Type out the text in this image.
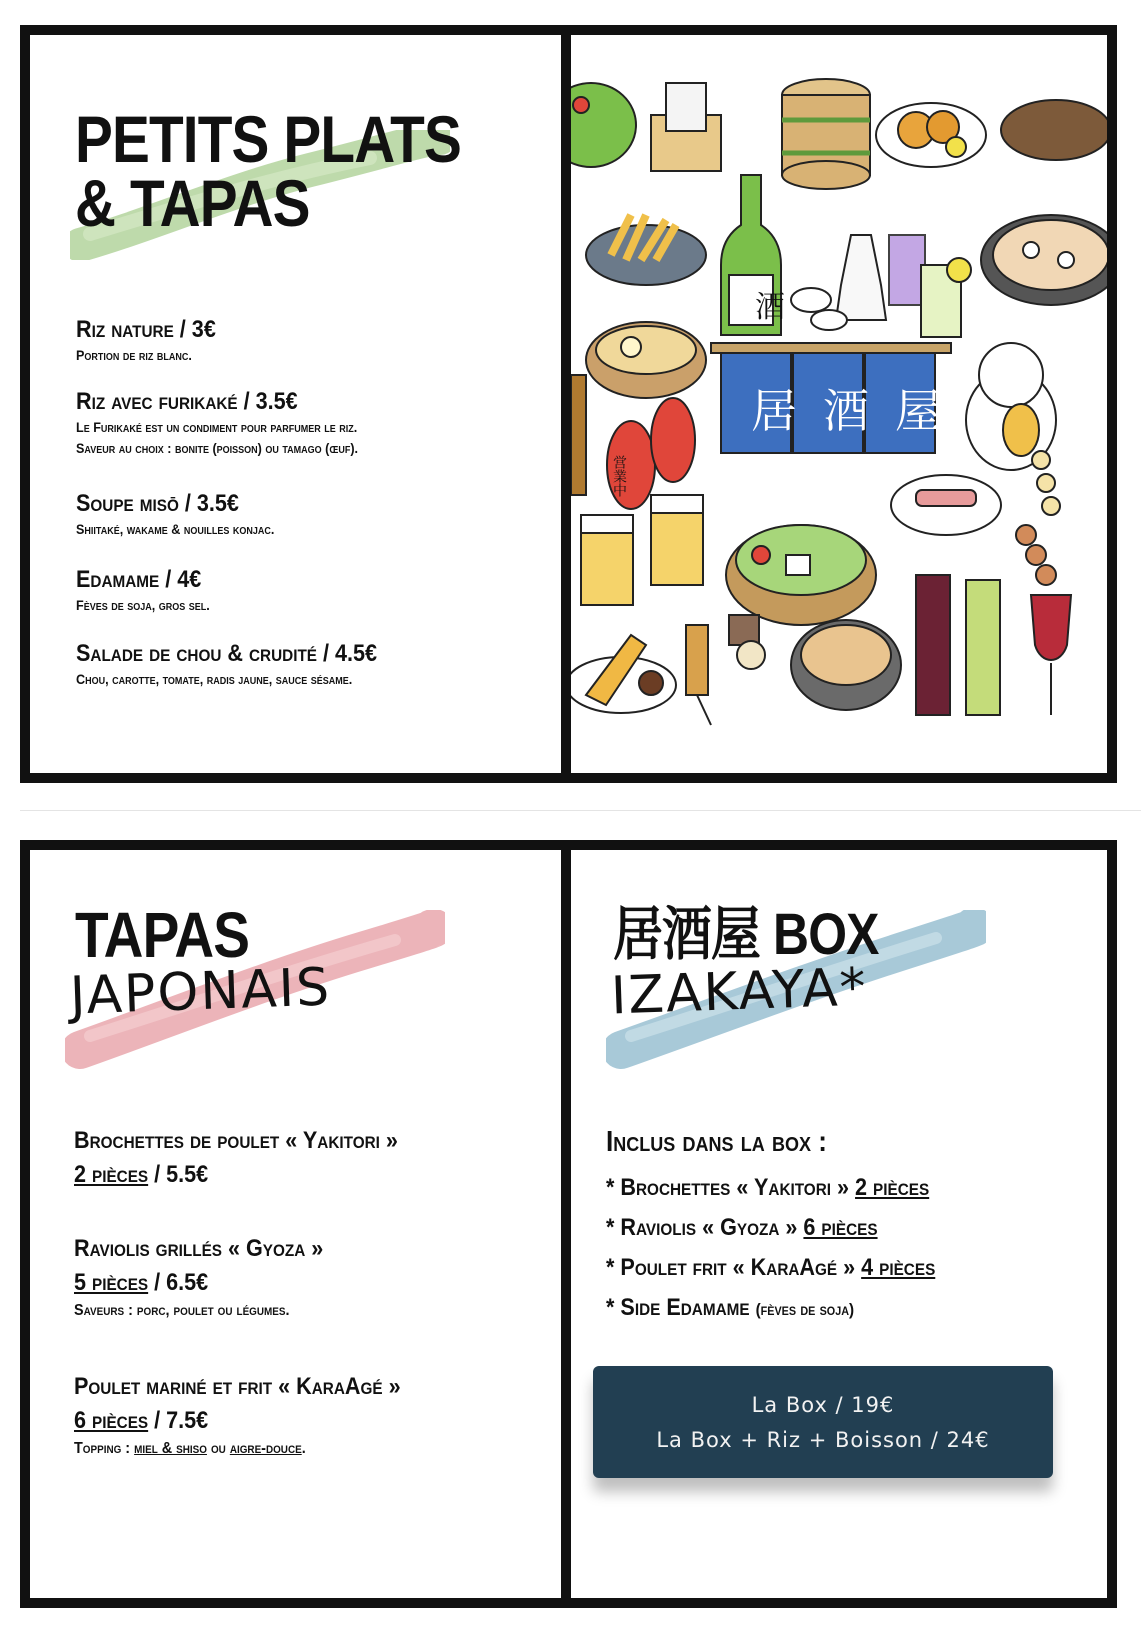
PETITS PLATS
& TAPAS
Riz nature / 3€
Portion de riz blanc.
Riz avec furikaké / 3.5€
Le Furikaké est un condiment pour parfumer le riz.
Saveur au choix : bonite (poisson) ou tamago (œuf).
Soupe misō / 3.5€
Shiitaké, wakame & nouilles konjac.
Edamame / 4€
Fèves de soja, gros sel.
Salade de chou & crudité / 4.5€
Chou, carotte, tomate, radis jaune, sauce sésame.
酒
居酒屋
営業中
TAPAS
JAPONAIS
Brochettes de poulet « Yakitori »
2 pièces / 5.5€
Raviolis grillés « Gyoza »
5 pièces / 6.5€
Saveurs : porc, poulet ou légumes.
Poulet mariné et frit « KaraAgé »
6 pièces / 7.5€
Topping : miel & shiso ou aigre-douce.
居酒屋 BOX
IZAKAYA*
Inclus dans la box :
* Brochettes « Yakitori » 2 pièces
* Raviolis « Gyoza » 6 pièces
* Poulet frit « KaraAgé » 4 pièces
* Side Edamame (fèves de soja)
La Box / 19€
La Box + Riz + Boisson / 24€
